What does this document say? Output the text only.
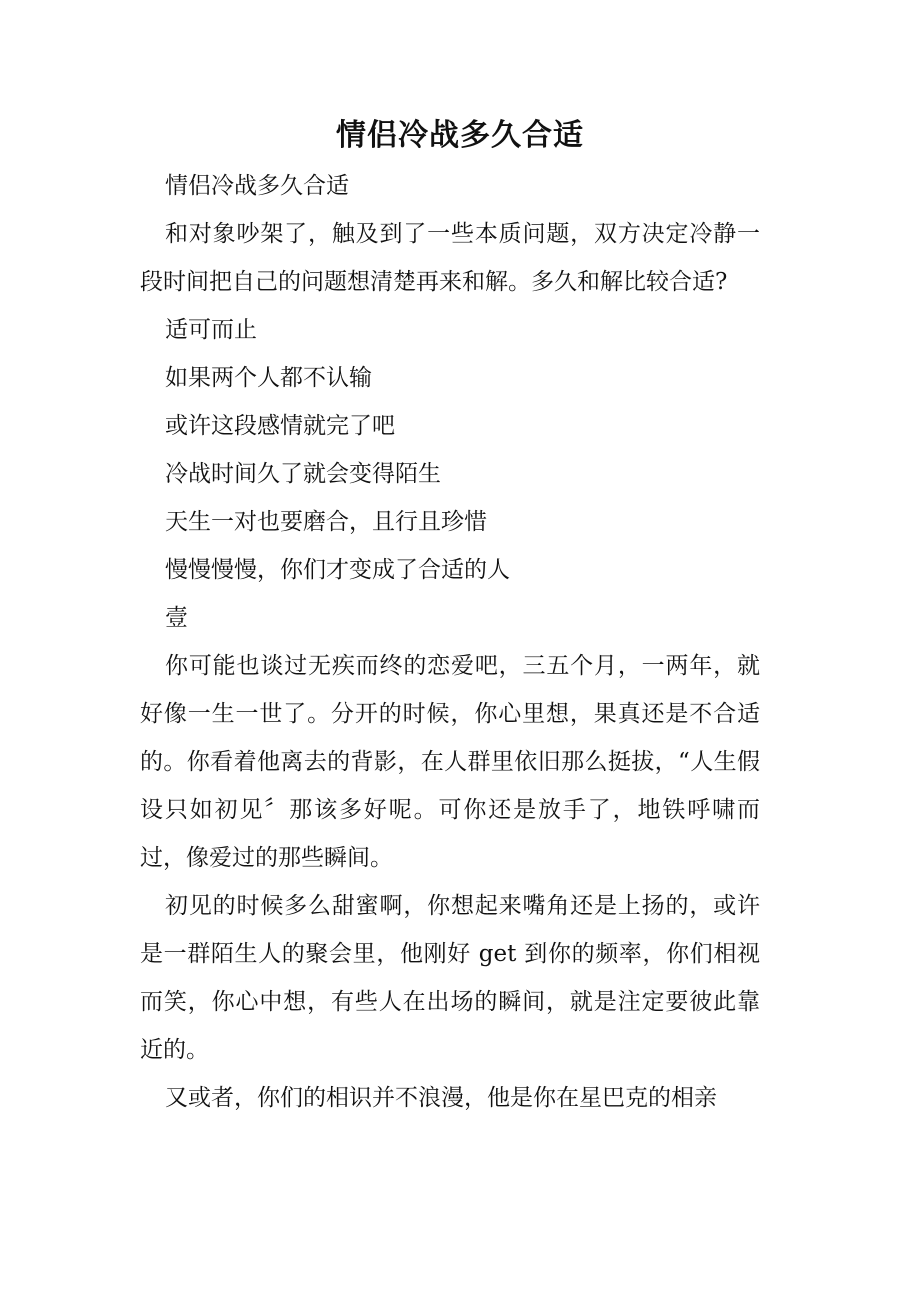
情侣冷战多久合适

情侣冷战多久合适

和对象吵架了，触及到了一些本质问题，双方决定冷静一段时间把自己的问题想清楚再来和解。多久和解比较合适?

适可而止

如果两个人都不认输

或许这段感情就完了吧

冷战时间久了就会变得陌生

天生一对也要磨合，且行且珍惜

慢慢慢慢，你们才变成了合适的人

壹

你可能也谈过无疾而终的恋爱吧，三五个月，一两年，就好像一生一世了。分开的时候，你心里想，果真还是不合适的。你看着他离去的背影，在人群里依旧那么挺拔，“人生假设只如初见〞那该多好呢。可你还是放手了，地铁呼啸而过，像爱过的那些瞬间。

初见的时候多么甜蜜啊，你想起来嘴角还是上扬的，或许是一群陌生人的聚会里，他刚好 get 到你的频率，你们相视而笑，你心中想，有些人在出场的瞬间，就是注定要彼此靠近的。

又或者，你们的相识并不浪漫，他是你在星巴克的相亲
